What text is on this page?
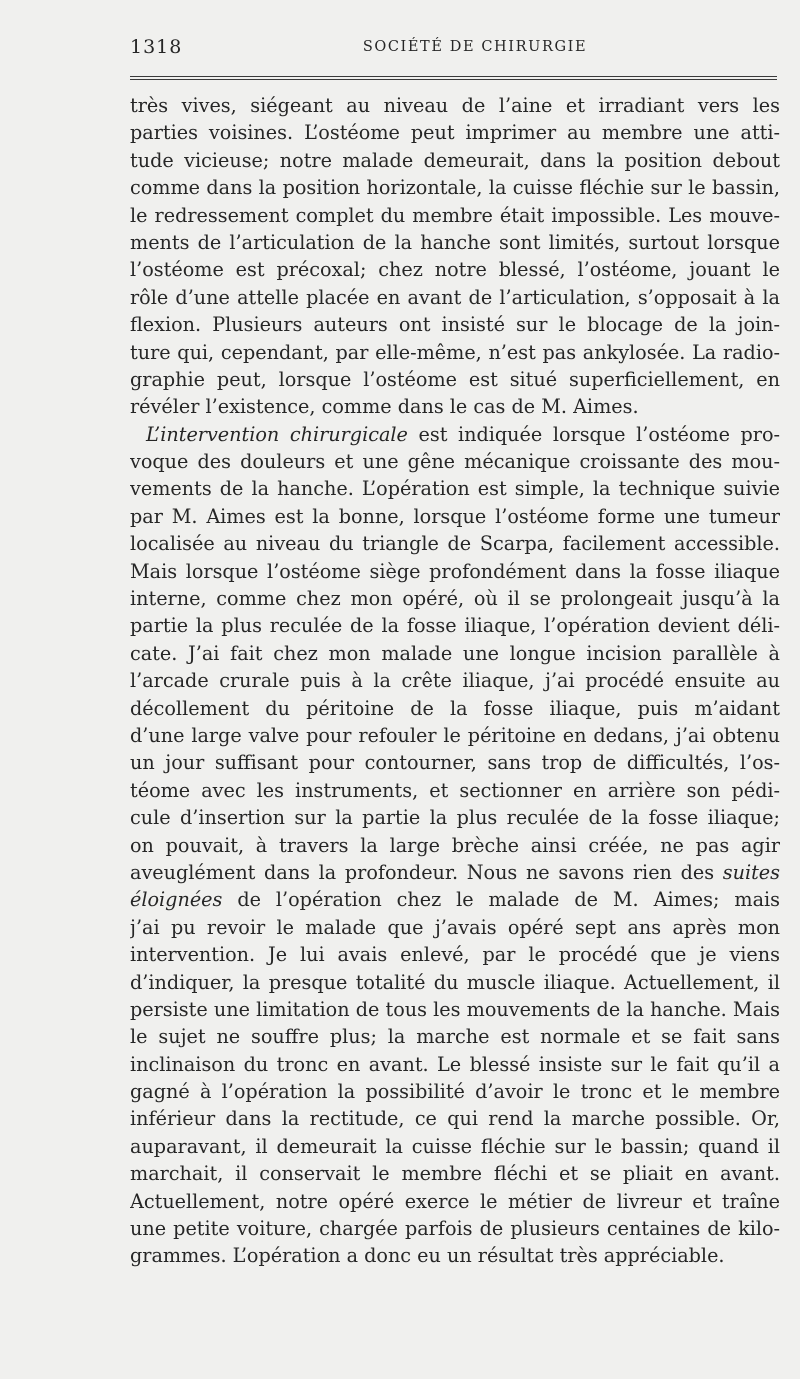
1318	SOCIÉTÉ DE CHIRURGIE
très vives, siégeant au niveau de l’aine et irradiant vers les
parties voisines. L’ostéome peut imprimer au membre une atti-
tude vicieuse; notre malade demeurait, dans la position debout
comme dans la position horizontale, la cuisse fléchie sur le bassin,
le redressement complet du membre était impossible. Les mouve-
ments de l’articulation de la hanche sont limités, surtout lorsque
l’ostéome est précoxal; chez notre blessé, l’ostéome, jouant le
rôle d’une attelle placée en avant de l’articulation, s’opposait à la
flexion. Plusieurs auteurs ont insisté sur le blocage de la join-
ture qui, cependant, par elle-même, n’est pas ankylosée. La radio-
graphie peut, lorsque l’ostéome est situé superficiellement, en
révéler l’existence, comme dans le cas de M. Aimes.
L’intervention chirurgicale est indiquée lorsque l’ostéome pro-
voque des douleurs et une gêne mécanique croissante des mou-
vements de la hanche. L’opération est simple, la technique suivie
par M. Aimes est la bonne, lorsque l’ostéome forme une tumeur
localisée au niveau du triangle de Scarpa, facilement accessible.
Mais lorsque l’ostéome siège profondément dans la fosse iliaque
interne, comme chez mon opéré, où il se prolongeait jusqu’à la
partie la plus reculée de la fosse iliaque, l’opération devient déli-
cate. J’ai fait chez mon malade une longue incision parallèle à
l’arcade crurale puis à la crête iliaque, j’ai procédé ensuite au
décollement du péritoine de la fosse iliaque, puis m’aidant
d’une large valve pour refouler le péritoine en dedans, j’ai obtenu
un jour suffisant pour contourner, sans trop de difficultés, l’os-
téome avec les instruments, et sectionner en arrière son pédi-
cule d’insertion sur la partie la plus reculée de la fosse iliaque;
on pouvait, à travers la large brèche ainsi créée, ne pas agir
aveuglément dans la profondeur. Nous ne savons rien des suites
éloignées de l’opération chez le malade de M. Aimes; mais
j’ai pu revoir le malade que j’avais opéré sept ans après mon
intervention. Je lui avais enlevé, par le procédé que je viens
d’indiquer, la presque totalité du muscle iliaque. Actuellement, il
persiste une limitation de tous les mouvements de la hanche. Mais
le sujet ne souffre plus; la marche est normale et se fait sans
inclinaison du tronc en avant. Le blessé insiste sur le fait qu’il a
gagné à l’opération la possibilité d’avoir le tronc et le membre
inférieur dans la rectitude, ce qui rend la marche possible. Or,
auparavant, il demeurait la cuisse fléchie sur le bassin; quand il
marchait, il conservait le membre fléchi et se pliait en avant.
Actuellement, notre opéré exerce le métier de livreur et traîne
une petite voiture, chargée parfois de plusieurs centaines de kilo-
grammes. L’opération a donc eu un résultat très appréciable.
